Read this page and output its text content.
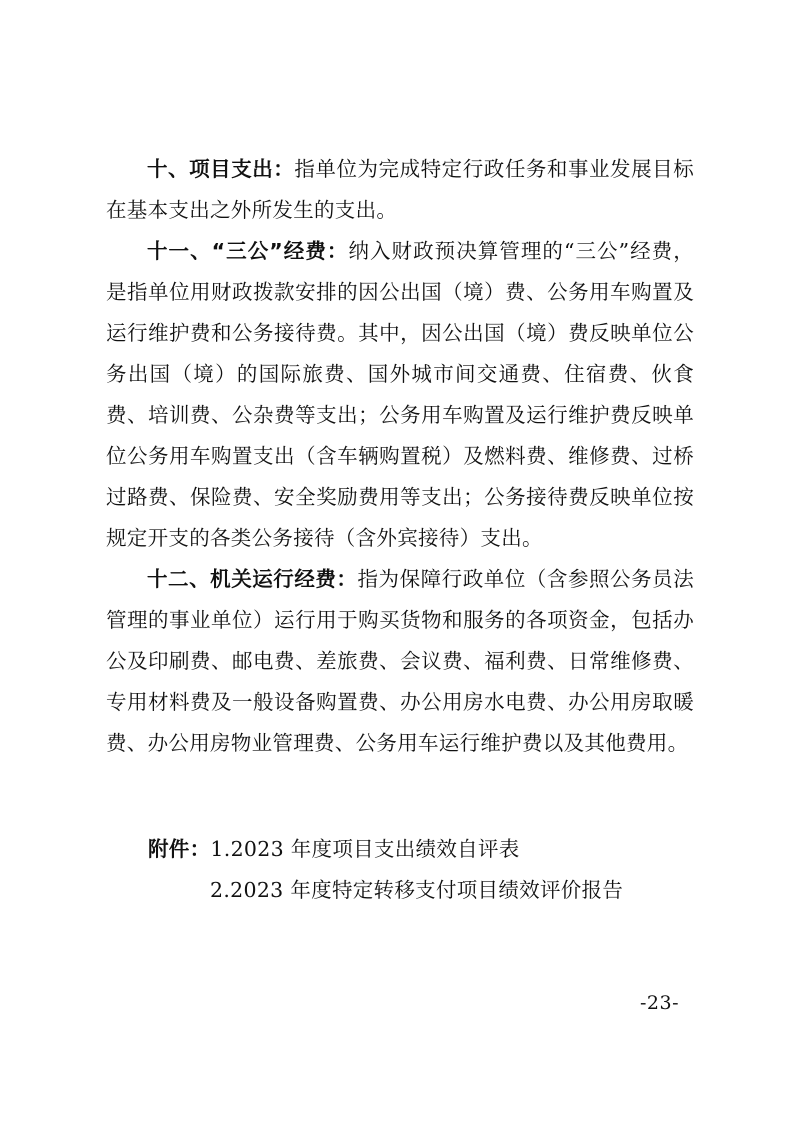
十、项目支出：指单位为完成特定行政任务和事业发展目标在基本支出之外所发生的支出。

十一、“三公”经费：纳入财政预决算管理的“三公”经费，是指单位用财政拨款安排的因公出国（境）费、公务用车购置及运行维护费和公务接待费。其中，因公出国（境）费反映单位公务出国（境）的国际旅费、国外城市间交通费、住宿费、伙食费、培训费、公杂费等支出；公务用车购置及运行维护费反映单位公务用车购置支出（含车辆购置税）及燃料费、维修费、过桥过路费、保险费、安全奖励费用等支出；公务接待费反映单位按规定开支的各类公务接待（含外宾接待）支出。

十二、机关运行经费：指为保障行政单位（含参照公务员法管理的事业单位）运行用于购买货物和服务的各项资金，包括办公及印刷费、邮电费、差旅费、会议费、福利费、日常维修费、专用材料费及一般设备购置费、办公用房水电费、办公用房取暖费、办公用房物业管理费、公务用车运行维护费以及其他费用。

附件：1.2023 年度项目支出绩效自评表
2.2023 年度特定转移支付项目绩效评价报告
-23-
